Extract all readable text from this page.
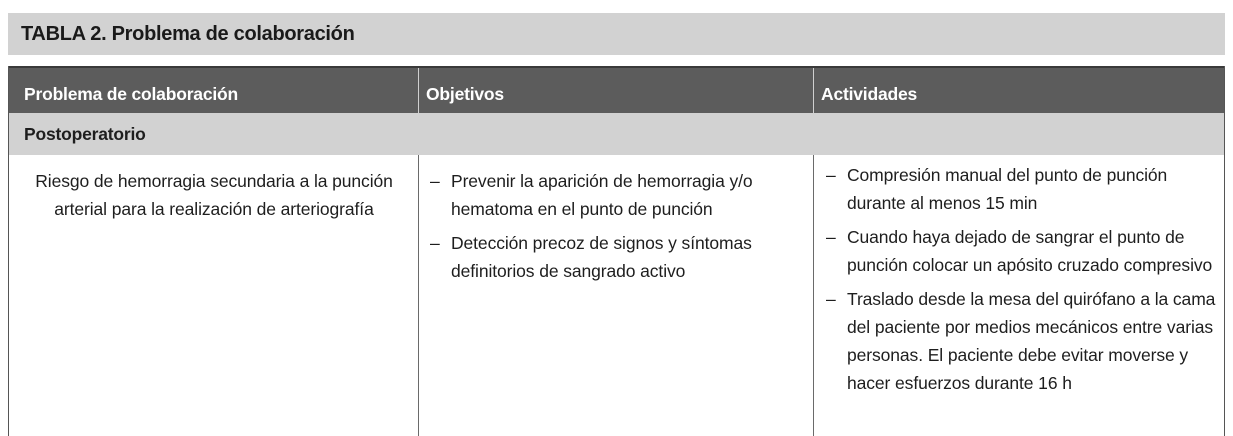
TABLA 2. Problema de colaboración
Problema de colaboración	Objetivos	Actividades
Postoperatorio
Riesgo de hemorragia secundaria a la punción arterial para la realización de arteriografía
– Prevenir la aparición de hemorragia y/o hematoma en el punto de punción
– Detección precoz de signos y síntomas definitorios de sangrado activo
– Compresión manual del punto de punción durante al menos 15 min
– Cuando haya dejado de sangrar el punto de punción colocar un apósito cruzado compresivo
– Traslado desde la mesa del quirófano a la cama del paciente por medios mecánicos entre varias personas. El paciente debe evitar moverse y hacer esfuerzos durante 16 h
